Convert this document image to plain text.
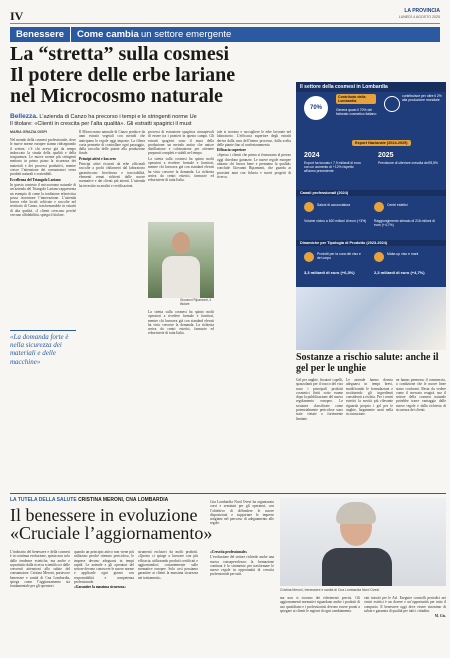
IV	LA PROVINCIA
LUNEDÌ 4 AGOSTO 2025
Benessere Come cambia un settore emergente
La “stretta” sulla cosmesi
Il potere delle erbe lariane
nel Microcosmo naturale
Bellezza. L’azienda di Canzo ha precorso i tempi e le stringenti norme Ue
Il titolare: «Clienti in crescita per l’alta qualità». Gli estratti spagirici il must
Il settore della cosmesi in Lombardia
70%
Contributo della Lombardia
Genera quasi il 70% del fatturato cosmetico italiano
contribuisce per oltre il 2% alla produzione mondiale
Export Nazionale (2024-2025)
2024
Export ha toccato i 7,9 miliardi di euro con un aumento di +12% rispetto all’anno precedente
2025
Previsione di ulteriore crescita dell’8,5%
Canali professionali (2024)
Saloni di acconciatura	Centri estetici
Volume vicino a 620 milioni di euro (+3%)	Raggiungimento stimato di 216 milioni di euro (+4,7%)
Dinamiche per Tipologia di Prodotto (2023-2024)
Prodotti per la cura del viso e del corpo
Make-up viso e mani
3,3 miliardi di euro (+6,3%)	2,3 miliardi di euro (+4,7%)
MARIA GRAZIA GISPI

Nel mondo della cosmesi professionale, dove le nuove norme europee stanno ridisegnando il settore, c’è chi aveva già da tempo imboccato la strada della qualità e della trasparenza. Le nuove norme più stringenti mettono in primo piano la sicurezza dei materiali e dei processi produttivi, mentre cresce l’attenzione dei consumatori verso prodotti naturali e sostenibili.

Eccellenza del Triangolo Lariano

In questo contesto il microcosmo naturale di un’azienda del Triangolo Lariano rappresenta un esempio di come la tradizione erboristica possa incontrare l’innovazione. L’azienda lavora erbe locali coltivate e raccolte nel territorio di Canzo, trasformandole in estratti di alta qualità. «I clienti crescono perché cercano affidabilità» spiega il titolare.

«La domanda forte è nella sicurezza dei materiali e delle macchine»

Il Microcosmo naturale di Canzo produce da anni estratti vegetali con metodi che anticipano le regole oggi imposte. La filiera corta permette di controllare ogni passaggio, dalla raccolta delle piante alla produzione finale.

Principi attivi e km zero

Principi attivi ricavati da erbe officinali raccolte a pochi chilometri dal laboratorio garantiscono freschezza e tracciabilità, elementi ormai richiesti dalle nuove normative e dai clienti più attenti. L’azienda ha investito su analisi e certificazioni.

Giovanni Ripamonti, il titolare

processi di estrazione spagirica consapevoli di essere tra i pionieri in questo campo. Gli estratti spagirici sono il must della produzione: un metodo antico che unisce distillazione e calcinazione per ottenere preparati completi e stabili nel tempo.

La stretta sulla cosmesi ha spinto molti operatori a rivedere formule e fornitori, mentre chi lavorava già con standard elevati ha visto crescere la domanda. La richiesta arriva da centri estetici, farmacie ed erboristerie di tutta Italia.

La stretta sulla cosmesi ha spinto molti operatori a rivedere formule e fornitori, mentre chi lavorava già con standard elevati ha visto crescere la domanda. La richiesta arriva da centri estetici, farmacie ed erboristerie di tutta Italia.

tale si trovano e raccogliere le erbe lavorate nel laboratorio. L’efficacia superiore degli estratti deriva dalla cura dell’intero processo, dalla scelta delle piante fino al confezionamento.

Efficacia superiore

«Spesso i clienti che prima si fermavano al prezzo oggi chiedono garanzie. Le nuove regole europee aiutano chi lavora bene e premiano la qualità» conclude Giovanni Ripamonti, che guarda ai prossimi anni con fiducia e nuovi progetti di ricerca.

Sostanze a rischio salute: anche il gel per le unghie

Gel per unghie, fissatori capelli, spazzolanti per il trucco del viso sono i principali prodotti cosmetici finiti sotto esame dopo la pubblicazione del nuovo regolamento europeo. Le sostanze classificate come potenzialmente pericolose sono state vietate o fortemente limitate.

Le aziende hanno dovuto adeguarsi in tempi brevi, modificando le formulazioni e sostituendo gli ingredienti considerati a rischio. Per i centri estetici la novità più rilevante riguarda proprio i gel per le unghie, largamente usati nella ricostruzione.

ne hanno permesso il commercio, a condizione che le nuove linee siano conformi. Resta da vedere come il mercato reagirà, ma il settore della cosmesi naturale potrebbe trarre vantaggio dalle nuove regole e dalla richiesta di sicurezza dei clienti.

LA TUTELA DELLA SALUTE CRISTINA MERONI, CNA LOMBARDIA
Il benessere in evoluzione
«Cruciale l’aggiornamento»

L’industria del benessere e della cosmesi è in continua evoluzione, spinta non solo dalle tendenze estetiche, ma anche e soprattutto dalla ricerca scientifica e dalle crescenti attenzioni alla salute del consumatore. Cristina Meroni, portavoce benessere e sanità di Cna Lombardia, spiega come l’aggiornamento sia fondamentale per gli operatori.

quando un principio attivo non viene più utilizzato perché ritenuto pericoloso, le imprese devono adeguarsi in tempi rapidi. Le aziende e gli operatori del settore devono conoscere le nuove norme e applicarle ogni giorno con responsabilità e competenza professionale.

«Garantire la massima sicurezza»

strumenti esclusivi da molti prodotti. «Questo ci spinge a lavorare con più efficacia, utilizzando prodotti certificati e aggiornandoci costantemente sulle normative europee. Solo così possiamo garantire ai clienti la massima sicurezza nei trattamenti».

Cna Lombardia Nord Ovest ha organizzato corsi e seminari per gli operatori, con l’obiettivo di diffondere le nuove disposizioni e supportare le imprese artigiane nel percorso di adeguamento alle regole.

«Crescita professionale»

L’evoluzione del settore richiede anche una nuova consapevolezza: la formazione continua è lo strumento per trasformare le nuove regole in opportunità di crescita professionale per tutti.

Cristina Meroni, benessere e sanità di Cna Lombardia Nord Ovest

ma non si trovano dei riferimenti precisi. Gli aggiornamenti normativi riguardano anche i prodotti di uso quotidiano e i professionisti devono essere pronti a spiegare ai clienti le ragioni di ogni cambiamento.

vati introiti per le Asl. Eseguire controlli periodici nei centri estetici è un dovere e un’opportunità per tutto il comparto. Il benessere oggi deve essere sinonimo di salute e garanzia di qualità per tutti i cittadini.

M. Gis.
